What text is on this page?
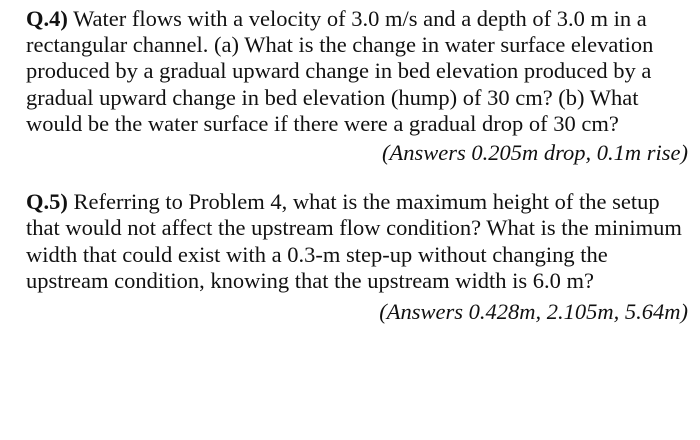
Q.4) Water flows with a velocity of 3.0 m/s and a depth of 3.0 m in a rectangular channel. (a) What is the change in water surface elevation produced by a gradual upward change in bed elevation produced by a gradual upward change in bed elevation (hump) of 30 cm? (b) What would be the water surface if there were a gradual drop of 30 cm?

(Answers 0.205m drop, 0.1m rise)

Q.5) Referring to Problem 4, what is the maximum height of the setup that would not affect the upstream flow condition? What is the minimum width that could exist with a 0.3-m step-up without changing the upstream condition, knowing that the upstream width is 6.0 m?

(Answers 0.428m, 2.105m, 5.64m)
